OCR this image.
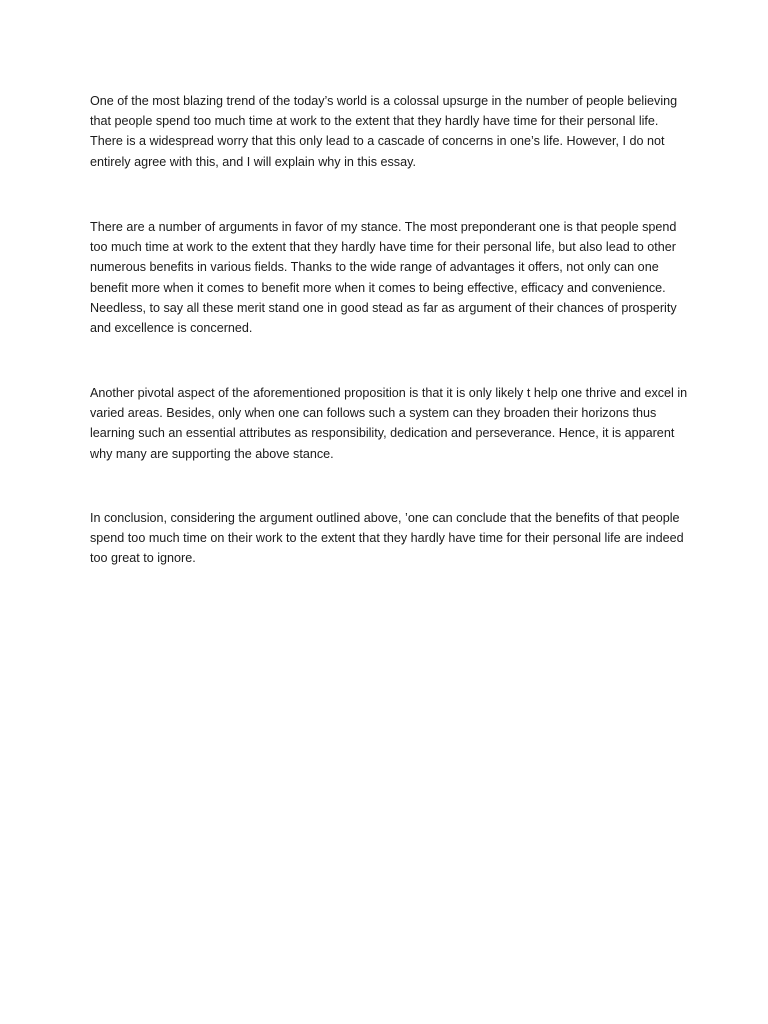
One of the most blazing trend of the today’s world is a colossal upsurge in the number of people believing that people spend too much time at work to the extent that they hardly have time for their personal life. There is a widespread worry that this only lead to a cascade of concerns in one’s life. However, I do not entirely agree with this, and I will explain why in this essay.

There are a number of arguments in favor of my stance. The most preponderant one is that people spend too much time at work to the extent that they hardly have time for their personal life, but also lead to other numerous benefits in various fields. Thanks to the wide range of advantages it offers, not only can one benefit more when it comes to benefit more when it comes to being effective, efficacy and convenience. Needless, to say all these merit stand one in good stead as far as argument of their chances of prosperity and excellence is concerned.

Another pivotal aspect of the aforementioned proposition is that it is only likely t help one thrive and excel in varied areas. Besides, only when one can follows such a system can they broaden their horizons thus learning such an essential attributes as responsibility, dedication and perseverance. Hence, it is apparent why many are supporting the above stance.

In conclusion, considering the argument outlined above, ’one can conclude that the benefits of that people spend too much time on their work to the extent that they hardly have time for their personal life are indeed too great to ignore.
